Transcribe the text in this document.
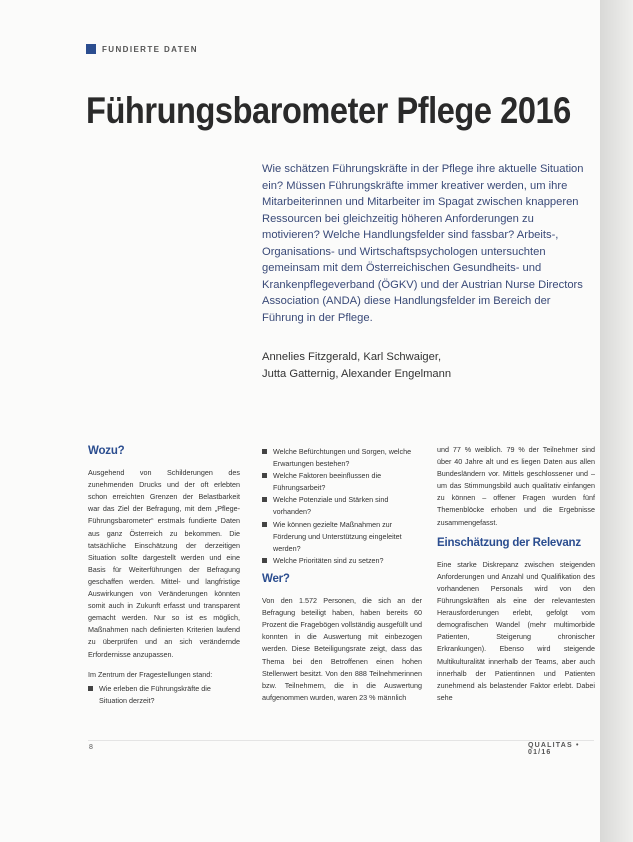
FUNDIERTE DATEN
Führungsbarometer Pflege 2016
Wie schätzen Führungskräfte in der Pflege ihre aktuelle Situation ein? Müssen Führungskräfte immer kreativer werden, um ihre Mitarbeiterinnen und Mitarbeiter im Spagat zwischen knapperen Ressourcen bei gleichzeitig höheren Anforderungen zu motivieren? Welche Handlungsfelder sind fassbar? Arbeits-, Organisations- und Wirtschaftspsychologen untersuchten gemeinsam mit dem Österreichischen Gesundheits- und Krankenpflegeverband (ÖGKV) und der Austrian Nurse Directors Association (ANDA) diese Handlungsfelder im Bereich der Führung in der Pflege.
Annelies Fitzgerald, Karl Schwaiger,
Jutta Gatternig, Alexander Engelmann
Wozu?

Ausgehend von Schilderungen des zunehmenden Drucks und der oft erlebten schon erreichten Grenzen der Belastbarkeit war das Ziel der Befragung, mit dem „Pflege-Führungsbarometer“ erstmals fundierte Daten aus ganz Österreich zu bekommen. Die tatsächliche Einschätzung der derzeitigen Situation sollte dargestellt werden und eine Basis für Weiterführungen der Befragung geschaffen werden. Mittel- und langfristige Auswirkungen von Veränderungen könnten somit auch in Zukunft erfasst und transparent gemacht werden. Nur so ist es möglich, Maßnahmen nach definierten Kriterien laufend zu überprüfen und an sich verändernde Erfordernisse anzupassen.

Im Zentrum der Fragestellungen stand:

Wie erleben die Führungskräfte die Situation derzeit?
Welche Befürchtungen und Sorgen, welche Erwartungen bestehen?
Welche Faktoren beeinflussen die Führungsarbeit?
Welche Potenziale und Stärken sind vorhanden?
Wie können gezielte Maßnahmen zur Förderung und Unterstützung eingeleitet werden?
Welche Prioritäten sind zu setzen?
Wer?

Von den 1.572 Personen, die sich an der Befragung beteiligt haben, haben bereits 60 Prozent die Fragebögen vollständig ausgefüllt und konnten in die Auswertung mit einbezogen werden. Diese Beteiligungsrate zeigt, dass das Thema bei den Betroffenen einen hohen Stellenwert besitzt. Von den 888 Teilnehmerinnen bzw. Teilnehmern, die in die Auswertung aufgenommen wurden, waren 23 % männlich

und 77 % weiblich. 79 % der Teilnehmer sind über 40 Jahre alt und es liegen Daten aus allen Bundesländern vor. Mittels geschlossener und – um das Stimmungsbild auch qualitativ einfangen zu können – offener Fragen wurden fünf Themenblöcke erhoben und die Ergebnisse zusammengefasst.

Einschätzung der Relevanz

Eine starke Diskrepanz zwischen steigenden Anforderungen und Anzahl und Qualifikation des vorhandenen Personals wird von den Führungskräften als eine der relevantesten Herausforderungen erlebt, gefolgt vom demografischen Wandel (mehr multimorbide Patienten, Steigerung chronischer Erkrankungen). Ebenso wird steigende Multikulturalität innerhalb der Teams, aber auch innerhalb der Patientinnen und Patienten zunehmend als belastender Faktor erlebt. Dabei sehe

8	QUALITAS • 01/16
